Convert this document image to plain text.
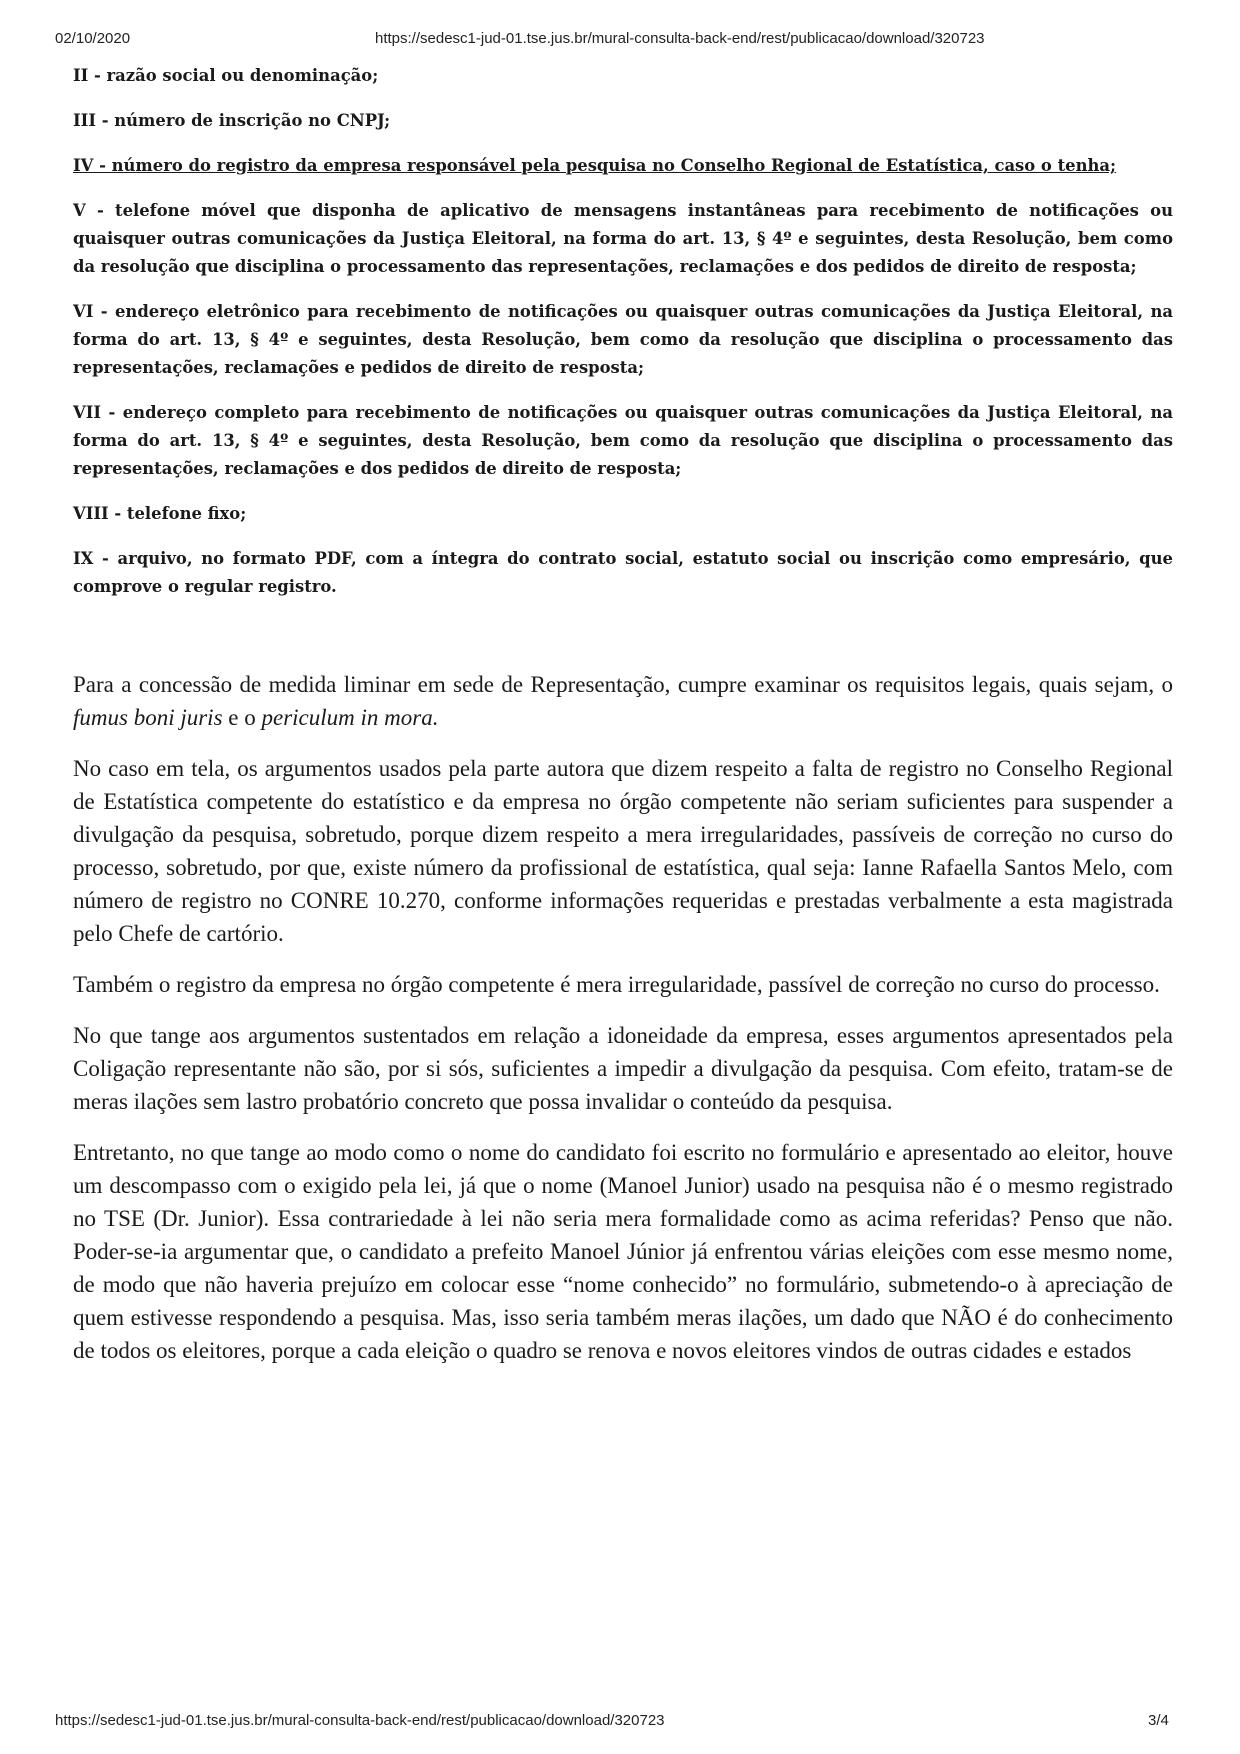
02/10/2020	https://sedesc1-jud-01.tse.jus.br/mural-consulta-back-end/rest/publicacao/download/320723

II - razão social ou denominação;

III - número de inscrição no CNPJ;

IV - número do registro da empresa responsável pela pesquisa no Conselho Regional de Estatística, caso o tenha;

V - telefone móvel que disponha de aplicativo de mensagens instantâneas para recebimento de notificações ou quaisquer outras comunicações da Justiça Eleitoral, na forma do art. 13, § 4º e seguintes, desta Resolução, bem como da resolução que disciplina o processamento das representações, reclamações e dos pedidos de direito de resposta;

VI - endereço eletrônico para recebimento de notificações ou quaisquer outras comunicações da Justiça Eleitoral, na forma do art. 13, § 4º e seguintes, desta Resolução, bem como da resolução que disciplina o processamento das representações, reclamações e pedidos de direito de resposta;

VII - endereço completo para recebimento de notificações ou quaisquer outras comunicações da Justiça Eleitoral, na forma do art. 13, § 4º e seguintes, desta Resolução, bem como da resolução que disciplina o processamento das representações, reclamações e dos pedidos de direito de resposta;

VIII - telefone fixo;

IX - arquivo, no formato PDF, com a íntegra do contrato social, estatuto social ou inscrição como empresário, que comprove o regular registro.

Para a concessão de medida liminar em sede de Representação, cumpre examinar os requisitos legais, quais sejam, o fumus boni juris e o periculum in mora.

No caso em tela, os argumentos usados pela parte autora que dizem respeito a falta de registro no Conselho Regional de Estatística competente do estatístico e da empresa no órgão competente não seriam suficientes para suspender a divulgação da pesquisa, sobretudo, porque dizem respeito a mera irregularidades, passíveis de correção no curso do processo, sobretudo, por que, existe número da profissional de estatística, qual seja: Ianne Rafaella Santos Melo, com número de registro no CONRE 10.270, conforme informações requeridas e prestadas verbalmente a esta magistrada pelo Chefe de cartório.

Também o registro da empresa no órgão competente é mera irregularidade, passível de correção no curso do processo.

No que tange aos argumentos sustentados em relação a idoneidade da empresa, esses argumentos apresentados pela Coligação representante não são, por si sós, suficientes a impedir a divulgação da pesquisa. Com efeito, tratam-se de meras ilações sem lastro probatório concreto que possa invalidar o conteúdo da pesquisa.

Entretanto, no que tange ao modo como o nome do candidato foi escrito no formulário e apresentado ao eleitor, houve um descompasso com o exigido pela lei, já que o nome (Manoel Junior) usado na pesquisa não é o mesmo registrado no TSE (Dr. Junior). Essa contrariedade à lei não seria mera formalidade como as acima referidas? Penso que não. Poder-se-ia argumentar que, o candidato a prefeito Manoel Júnior já enfrentou várias eleições com esse mesmo nome, de modo que não haveria prejuízo em colocar esse “nome conhecido” no formulário, submetendo-o à apreciação de quem estivesse respondendo a pesquisa. Mas, isso seria também meras ilações, um dado que NÃO é do conhecimento de todos os eleitores, porque a cada eleição o quadro se renova e novos eleitores vindos de outras cidades e estados

https://sedesc1-jud-01.tse.jus.br/mural-consulta-back-end/rest/publicacao/download/320723	3/4
